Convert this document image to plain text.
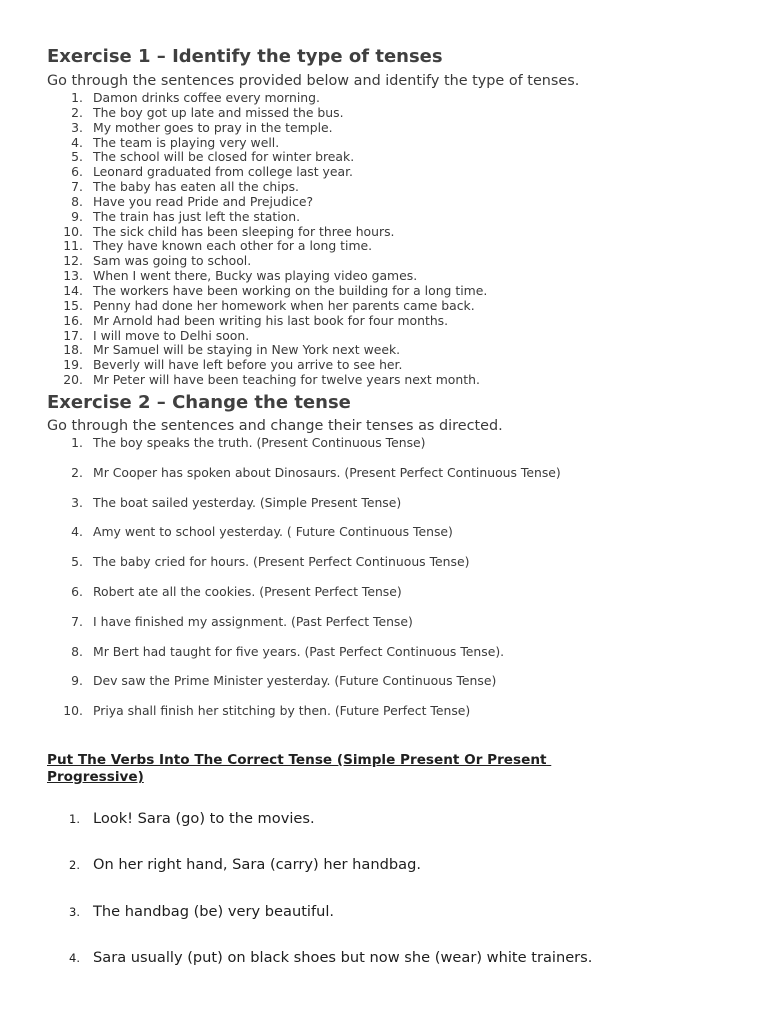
Exercise 1 – Identify the type of tenses

Go through the sentences provided below and identify the type of tenses.

1. Damon drinks coffee every morning.
2. The boy got up late and missed the bus.
3. My mother goes to pray in the temple.
4. The team is playing very well.
5. The school will be closed for winter break.
6. Leonard graduated from college last year.
7. The baby has eaten all the chips.
8. Have you read Pride and Prejudice?
9. The train has just left the station.
10. The sick child has been sleeping for three hours.
11. They have known each other for a long time.
12. Sam was going to school.
13. When I went there, Bucky was playing video games.
14. The workers have been working on the building for a long time.
15. Penny had done her homework when her parents came back.
16. Mr Arnold had been writing his last book for four months.
17. I will move to Delhi soon.
18. Mr Samuel will be staying in New York next week.
19. Beverly will have left before you arrive to see her.
20. Mr Peter will have been teaching for twelve years next month.
Exercise 2 – Change the tense

Go through the sentences and change their tenses as directed.

1. The boy speaks the truth. (Present Continuous Tense)
2. Mr Cooper has spoken about Dinosaurs. (Present Perfect Continuous Tense)
3. The boat sailed yesterday. (Simple Present Tense)
4. Amy went to school yesterday. ( Future Continuous Tense)
5. The baby cried for hours. (Present Perfect Continuous Tense)
6. Robert ate all the cookies. (Present Perfect Tense)
7. I have finished my assignment. (Past Perfect Tense)
8. Mr Bert had taught for five years. (Past Perfect Continuous Tense).
9. Dev saw the Prime Minister yesterday. (Future Continuous Tense)
10. Priya shall finish her stitching by then. (Future Perfect Tense)
Put The Verbs Into The Correct Tense (Simple Present Or Present Progressive)
1. Look! Sara (go) to the movies.
2. On her right hand, Sara (carry) her handbag.
3. The handbag (be) very beautiful.
4. Sara usually (put) on black shoes but now she (wear) white trainers.
